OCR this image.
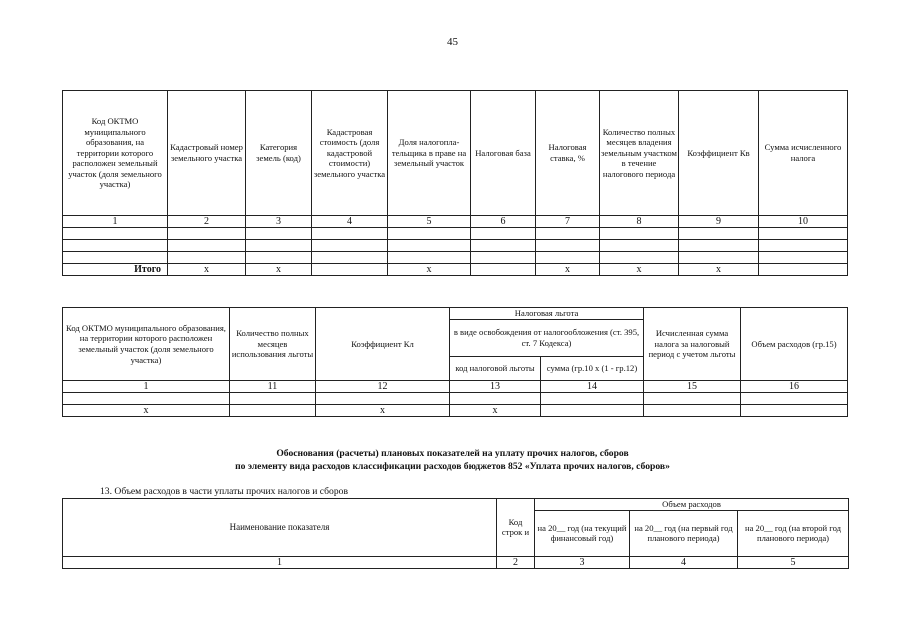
45
Код ОКТМО муниципального образования, на территории которого расположен земельный участок (доля земельного участка)	Кадастровый номер земельного участка	Категория земель (код)	Кадастровая стоимость (доля кадастровой стоимости) земельного участка	Доля налогопла-тельщика в праве на земельный участок	Налоговая база	Налоговая ставка, %	Количество полных месяцев владения земельным участком в течение налогового периода	Коэффициент Кв	Сумма исчисленного налога
1	2	3	4	5	6	7	8	9	10

Итого	x	x		x		x	x	x	
Код ОКТМО муниципального образования, на территории которого расположен земельный участок (доля земельного участка)	Количество полных месяцев использования льготы	Коэффициент Кл	Налоговая льгота		Исчисленная сумма налога за налоговый период с учетом льготы	Объем расходов (гр.15)
			в виде освобождения от налогообложения (ст. 395, ст. 7 Кодекса)			
			код налоговой льготы	сумма (гр.10 x (1 - гр.12)		
1	11	12	13	14	15	16

x		x	x			
Обоснования (расчеты) плановых показателей на уплату прочих налогов, сборов
по элементу вида расходов классификации расходов бюджетов 852 «Уплата прочих налогов, сборов»
13. Объем расходов в части уплаты прочих налогов и сборов
Наименование показателя	Код строк и	Объем расходов		
		на 20__ год (на текущий финансовый год)	на 20__ год (на первый год планового периода)	на 20__ год (на второй год планового периода)
1	2	3	4	5
